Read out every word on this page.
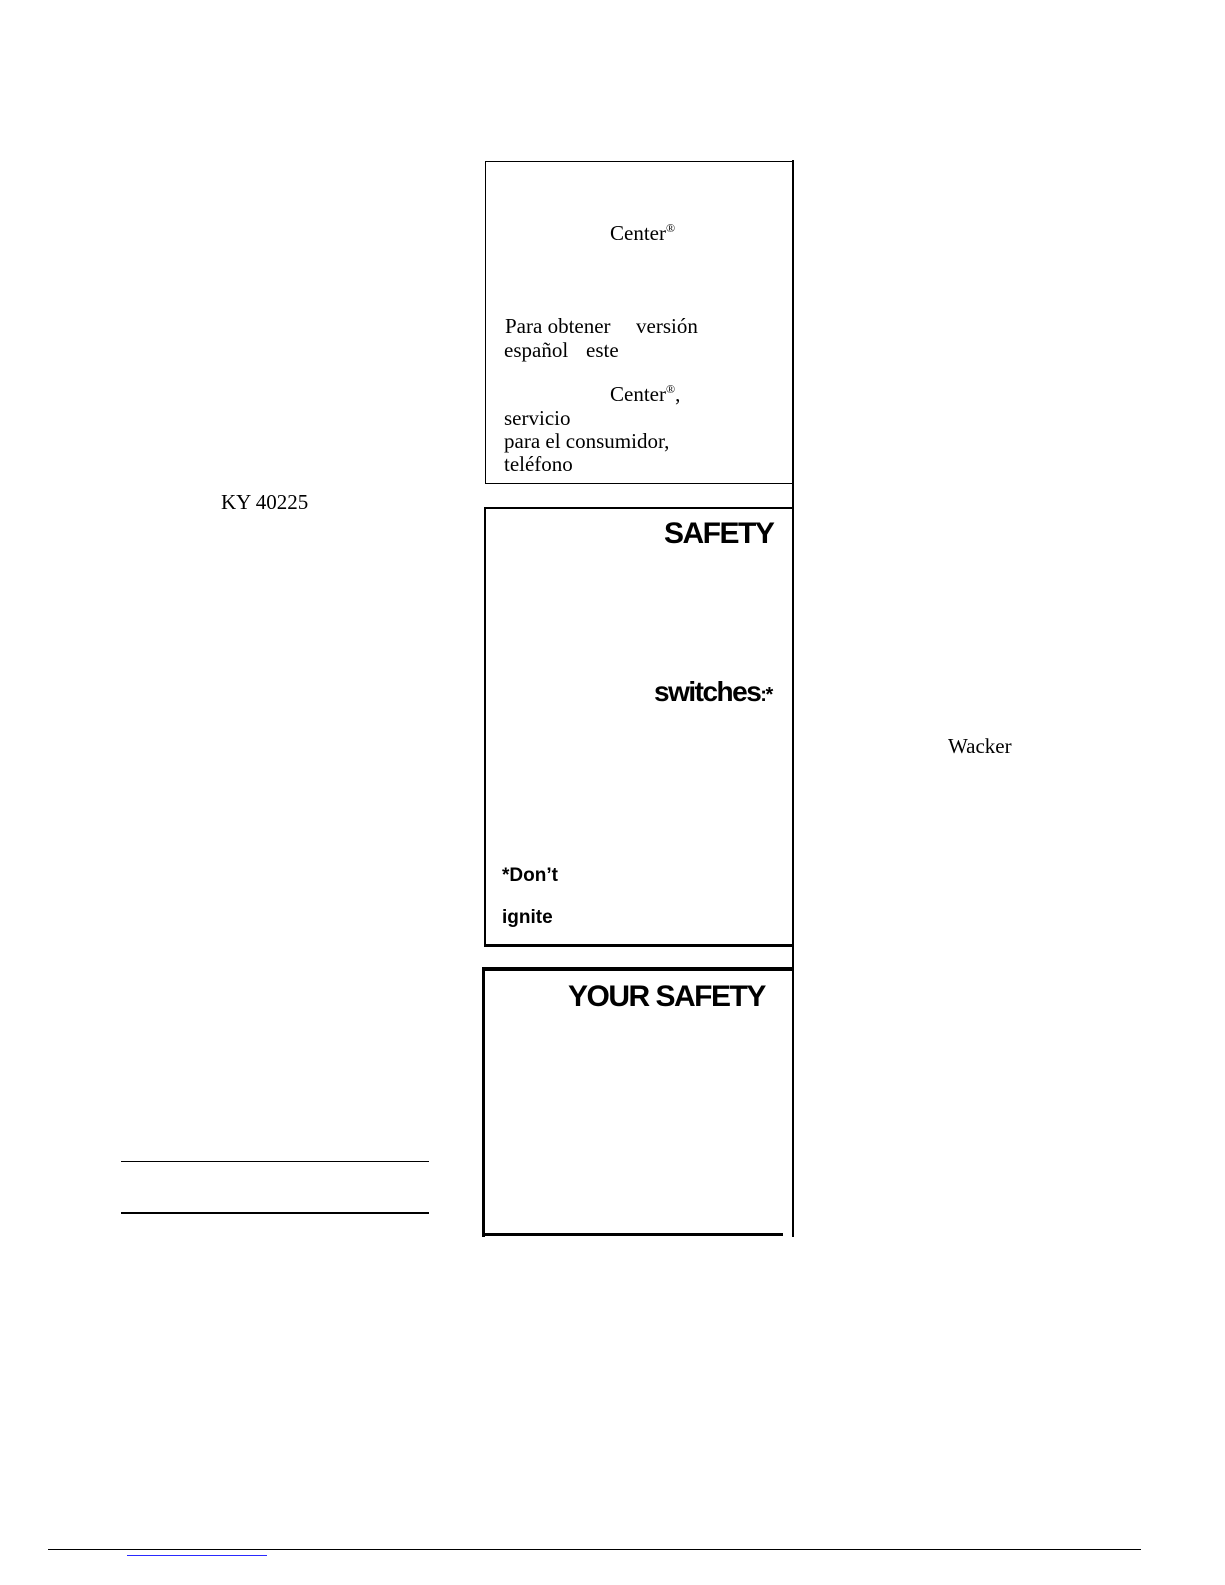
KY 40225
Center®
Para obtener versión
español este
Center®,
servicio
para el consumidor,
teléfono
SAFETY
switches:*
*Don’t
ignite
YOUR SAFETY
Wacker
